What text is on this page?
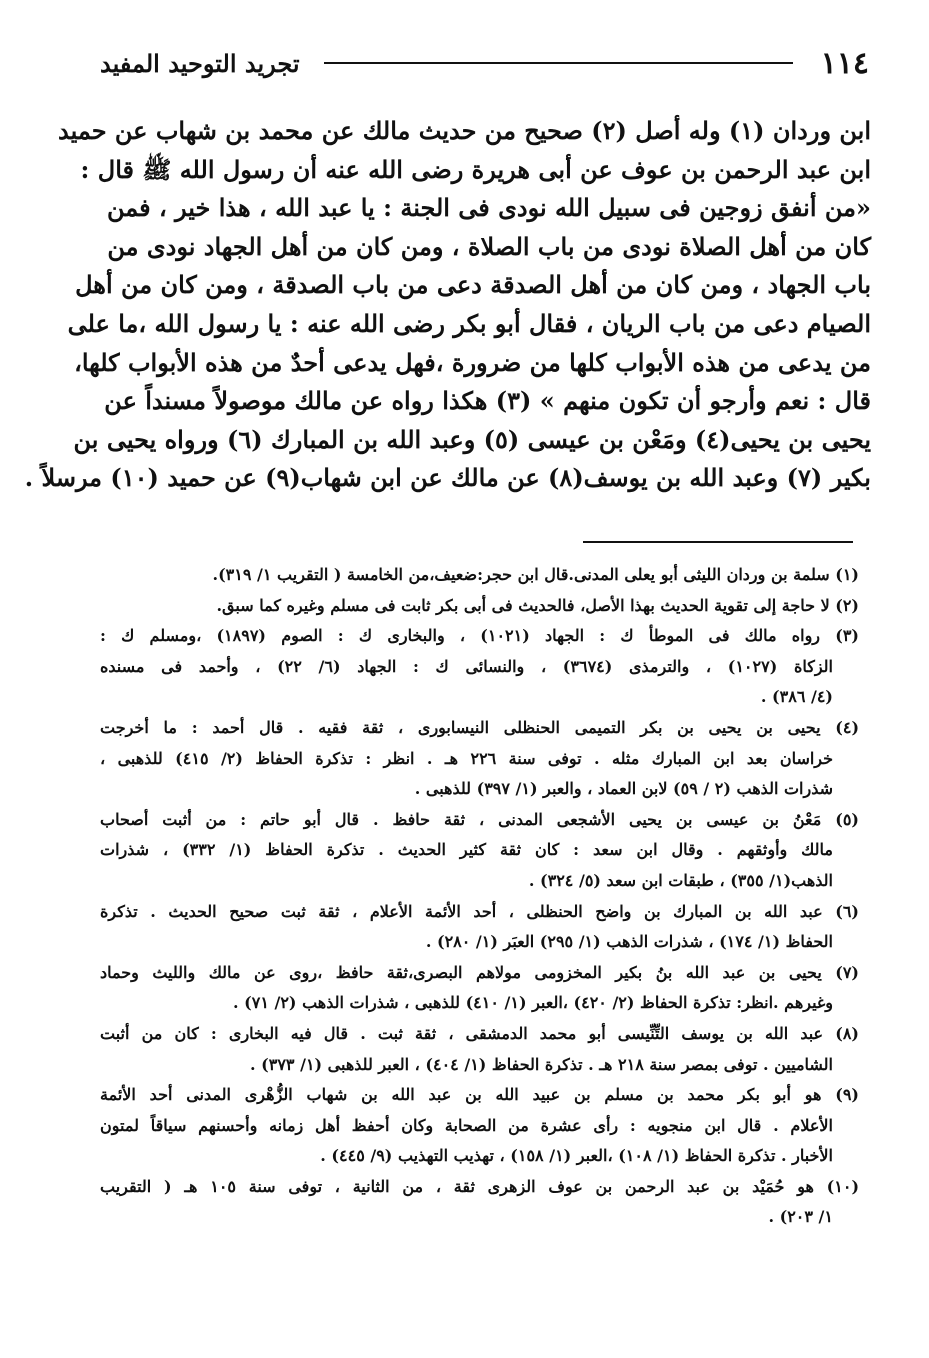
١١٤
تجريد التوحيد المفيد
ابن وردان (١) وله أصل (٢) صحيح من حديث مالك عن محمد بن شهاب عن حميد
ابن عبد الرحمن بن عوف عن أبى هريرة رضى الله عنه أن رسول الله ﷺ قال :
«من أنفق زوجين فى سبيل الله نودى فى الجنة : يا عبد الله ، هذا خير ، فمن
كان من أهل الصلاة نودى من باب الصلاة ، ومن كان من أهل الجهاد نودى من
باب الجهاد ، ومن كان من أهل الصدقة دعى من باب الصدقة ، ومن كان من أهل
الصيام دعى من باب الريان ، فقال أبو بكر رضى الله عنه : يا رسول الله ،ما على
من يدعى من هذه الأبواب كلها من ضرورة ،فهل يدعى أحدٌ من هذه الأبواب كلها،
قال : نعم وأرجو أن تكون منهم » (٣) هكذا رواه عن مالك موصولاً مسنداً عن
يحيى بن يحيى(٤) ومَعْن بن عيسى (٥) وعبد الله بن المبارك (٦) ورواه يحيى بن
بكير (٧) وعبد الله بن يوسف(٨) عن مالك عن ابن شهاب(٩) عن حميد (١٠) مرسلاً .
(١) سلمة بن وردان الليثى أبو يعلى المدنى.قال ابن حجر:ضعيف،من الخامسة ( التقريب ١/ ٣١٩).
(٢) لا حاجة إلى تقوية الحديث بهذا الأصل، فالحديث فى أبى بكر ثابت فى مسلم وغيره كما سبق.
(٣) رواه مالك فى الموطأ ك : الجهاد (١٠٢١) ، والبخارى ك : الصوم (١٨٩٧) ،ومسلم ك :
الزكاة (١٠٢٧) ، والترمذى (٣٦٧٤) ، والنسائى ك : الجهاد (٦/ ٢٢) ، وأحمد فى مسنده
(٤/ ٣٨٦) .
(٤) يحيى بن يحيى بن بكر التميمى الحنظلى النيسابورى ، ثقة فقيه . قال أحمد : ما أخرجت
خراسان بعد ابن المبارك مثله . توفى سنة ٢٢٦ هـ . انظر : تذكرة الحفاظ (٢/ ٤١٥) للذهبى ،
شذرات الذهب (٢ / ٥٩) لابن العماد ، والعبر (١/ ٣٩٧) للذهبى .
(٥) مَعْنُ بن عيسى بن يحيى الأشجعى المدنى ، ثقة حافظ . قال أبو حاتم : من أثبت أصحاب
مالك وأوثقهم . وقال ابن سعد : كان ثقة كثير الحديث . تذكرة الحفاظ (١/ ٣٣٢) ، شذرات
الذهب(١/ ٣٥٥) ، طبقات ابن سعد (٥/ ٣٢٤) .
(٦) عبد الله بن المبارك بن واضح الحنظلى ، أحد الأئمة الأعلام ، ثقة ثبت صحيح الحديث . تذكرة
الحفاظ (١/ ١٧٤) ، شذرات الذهب (١/ ٢٩٥) العبَر (١/ ٢٨٠) .
(٧) يحيى بن عبد الله بنُ بكير المخزومى مولاهم البصرى،ثقة حافظ ،روى عن مالك والليث وحماد
وغيرهم .انظر: تذكرة الحفاظ (٢/ ٤٢٠) ،العبر (١/ ٤١٠) للذهبى ، شذرات الذهب (٢/ ٧١) .
(٨) عبد الله بن يوسف التِّنِّيسى أبو محمد الدمشقى ، ثقة ثبت . قال فيه البخارى : كان من أثبت
الشاميين . توفى بمصر سنة ٢١٨ هـ . تذكرة الحفاظ (١/ ٤٠٤) ، العبر للذهبى (١/ ٣٧٣) .
(٩) هو أبو بكر محمد بن مسلم بن عبيد الله بن عبد الله بن شهاب الزُّهْرى المدنى أحد الأئمة
الأعلام . قال ابن منجويه : رأى عشرة من الصحابة وكان أحفظ أهل زمانه وأحسنهم سياقاً لمتون
الأخبار . تذكرة الحفاظ (١/ ١٠٨) ،العبر (١/ ١٥٨) ، تهذيب التهذيب (٩/ ٤٤٥) .
(١٠) هو حُمَيْد بن عبد الرحمن بن عوف الزهرى ثقة ، من الثانية ، توفى سنة ١٠٥ هـ ( التقريب
١/ ٢٠٣) .
